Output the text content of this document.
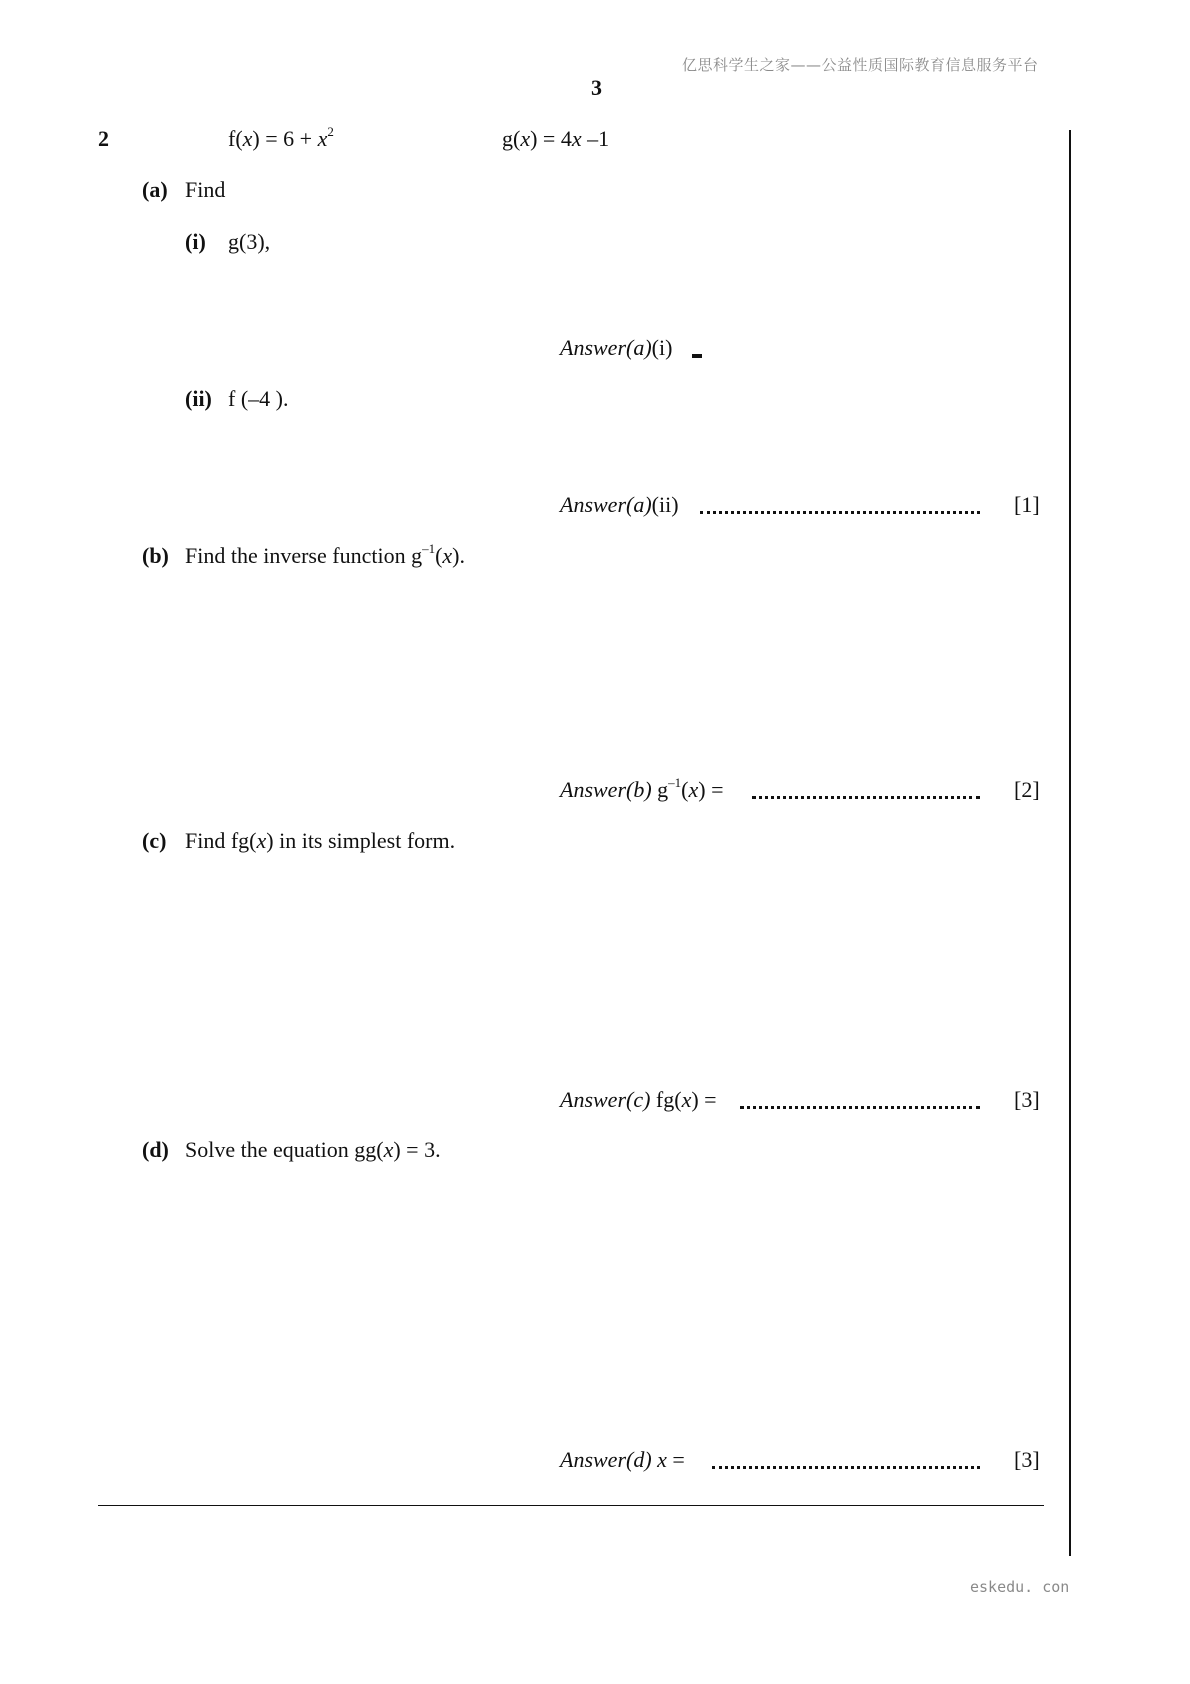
亿思科学生之家——公益性质国际教育信息服务平台
3
2	$f(x) = 6 + x^2$	g(x) = 4x –1
(a) Find
(i) g(3),
Answer(a)(i)
(ii) f (–4 ).
Answer(a)(ii)	[1]
(b) Find the inverse function $g^{-1}(x)$.
Answer(b) $g^{-1}(x)$ =	[2]
(c) Find fg(x) in its simplest form.
Answer(c) fg(x) =	[3]
(d) Solve the equation gg(x) = 3.
Answer(d) x =	[3]
eskedu. con
